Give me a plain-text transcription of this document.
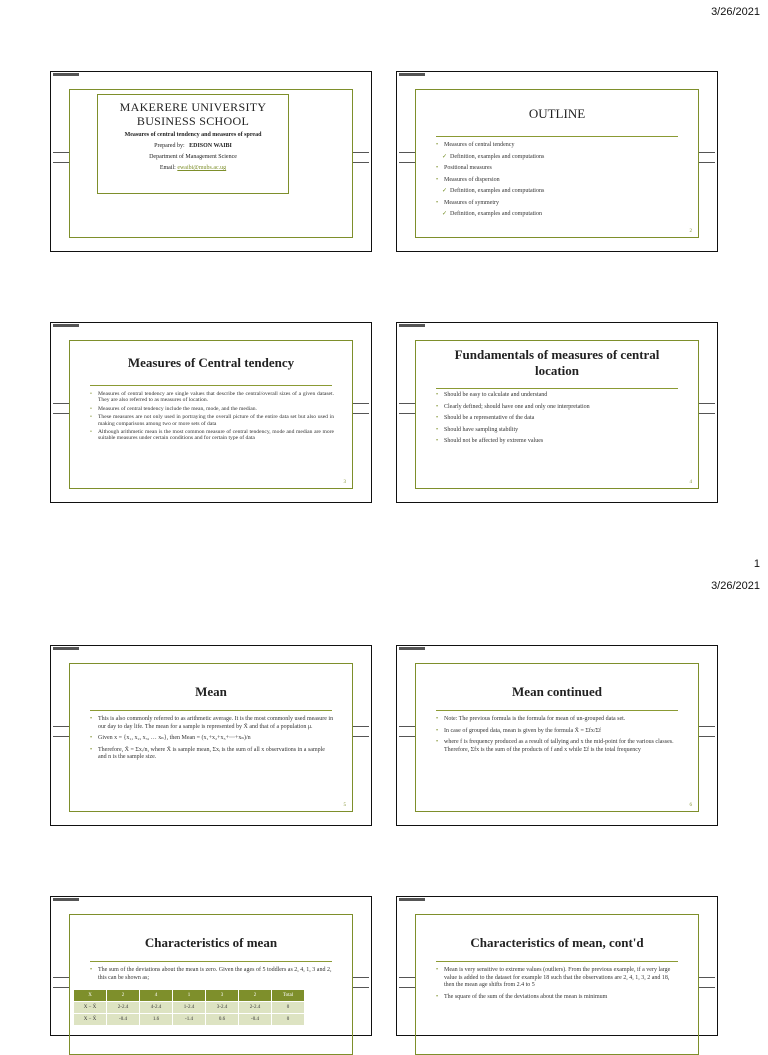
3/26/2021
MAKERERE UNIVERSITY
BUSINESS SCHOOL
Measures of central tendency and measures of spread
Prepared by: EDISON WAIBI
Department of Management Science
Email: ewaibi@mubs.ac.ug
OUTLINE
• Measures of central tendency
✓ Definition, examples and computations
• Positional measures
• Measures of dispersion
✓ Definition, examples and computations
• Measures of symmetry
✓ Definition, examples and computation
2
Measures of Central tendency
• Measures of central tendency are single values that describe the central/overall sizes of a given dataset. They are also referred to as measures of location.
• Measures of central tendency include the mean, mode, and the median.
• These measures are not only used in portraying the overall picture of the entire data set but also used in making comparisons among two or more sets of data
• Although arithmetic mean is the most common measure of central tendency, mode and median are more suitable measures under certain conditions and for certain type of data
3
Fundamentals of measures of central location
• Should be easy to calculate and understand
• Clearly defined; should have one and only one interpretation
• Should be a representative of the data
• Should have sampling stability
• Should not be affected by extreme values
4
1
3/26/2021
Mean
• This is also commonly referred to as arithmetic average. It is the most commonly used measure in our day to day life. The mean for a sample is represented by X̄ and that of a population μ.
• Given x = {x₁, x₂, x₃, … xₙ}, then Mean = (x₁+x₂+x₃+⋯+xₙ)/n
• Therefore, X̄ = Σxᵢ/n, where X̄ is sample mean, Σxᵢ is the sum of all x observations in a sample and n is the sample size.
5
Mean continued
• Note: The previous formula is the formula for mean of un-grouped data set.
• In case of grouped data, mean is given by the formula X̄ = Σfx/Σf
• where f is frequency produced as a result of tallying and x the mid-point for the various classes. Therefore, Σfx is the sum of the products of f and x while Σf is the total frequency
6
Characteristics of mean
• The sum of the deviations about the mean is zero. Given the ages of 5 toddlers as 2, 4, 1, 3 and 2, this can be shown as;
X	2	4	1	3	2	Total
X − X̄	2-2.4	4-2.4	1-2.4	3-2.4	2-2.4	0
X − X̄	-0.4	1.6	-1.4	0.6	-0.4	0
Characteristics of mean, cont'd
• Mean is very sensitive to extreme values (outliers). From the previous example, if a very large value is added to the dataset for example 18 such that the observations are 2, 4, 1, 3, 2 and 18, then the mean age shifts from 2.4 to 5
• The square of the sum of the deviations about the mean is minimum
